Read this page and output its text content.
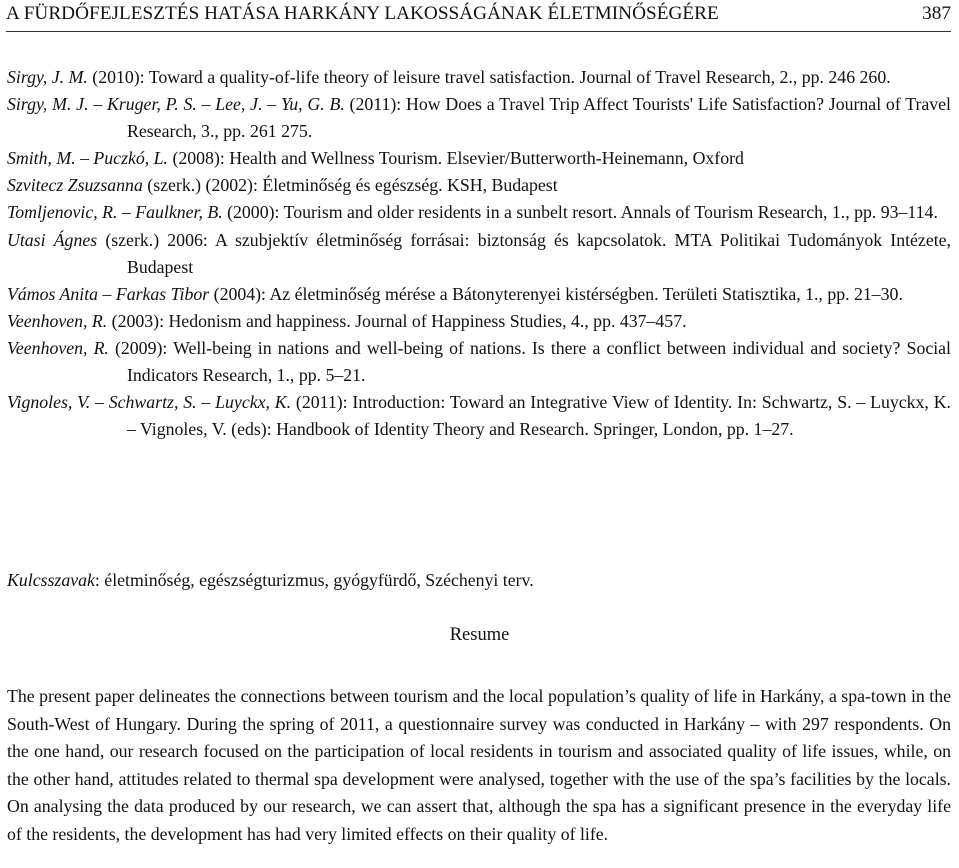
A FÜRDŐFEJLESZTÉS HATÁSA HARKÁNY LAKOSSÁGÁNAK ÉLETMINŐSÉGÉRE	387

Sirgy, J. M. (2010): Toward a quality-of-life theory of leisure travel satisfaction. Journal of Travel Research, 2., pp. 246 260.

Sirgy, M. J. – Kruger, P. S. – Lee, J. – Yu, G. B. (2011): How Does a Travel Trip Affect Tourists' Life Satisfaction? Journal of Travel Research, 3., pp. 261 275.

Smith, M. – Puczkó, L. (2008): Health and Wellness Tourism. Elsevier/Butterworth-Heinemann, Oxford

Szvitecz Zsuzsanna (szerk.) (2002): Életminőség és egészség. KSH, Budapest

Tomljenovic, R. – Faulkner, B. (2000): Tourism and older residents in a sunbelt resort. Annals of Tourism Research, 1., pp. 93–114.

Utasi Ágnes (szerk.) 2006: A szubjektív életminőség forrásai: biztonság és kapcsolatok. MTA Politikai Tudományok Intézete, Budapest

Vámos Anita – Farkas Tibor (2004): Az életminőség mérése a Bátonyterenyei kistérségben. Területi Statisztika, 1., pp. 21–30.

Veenhoven, R. (2003): Hedonism and happiness. Journal of Happiness Studies, 4., pp. 437–457.

Veenhoven, R. (2009): Well-being in nations and well-being of nations. Is there a conflict between individual and society? Social Indicators Research, 1., pp. 5–21.

Vignoles, V. – Schwartz, S. – Luyckx, K. (2011): Introduction: Toward an Integrative View of Identity. In: Schwartz, S. – Luyckx, K. – Vignoles, V. (eds): Handbook of Identity Theory and Research. Springer, London, pp. 1–27.

Kulcsszavak: életminőség, egészségturizmus, gyógyfürdő, Széchenyi terv.
Resume

The present paper delineates the connections between tourism and the local population’s quality of life in Harkány, a spa-town in the South-West of Hungary. During the spring of 2011, a questionnaire survey was conducted in Harkány – with 297 respondents. On the one hand, our research focused on the participation of local residents in tourism and associated quality of life issues, while, on the other hand, attitudes related to thermal spa development were analysed, together with the use of the spa’s facilities by the locals. On analysing the data produced by our research, we can assert that, although the spa has a significant presence in the everyday life of the residents, the development has had very limited effects on their quality of life.
